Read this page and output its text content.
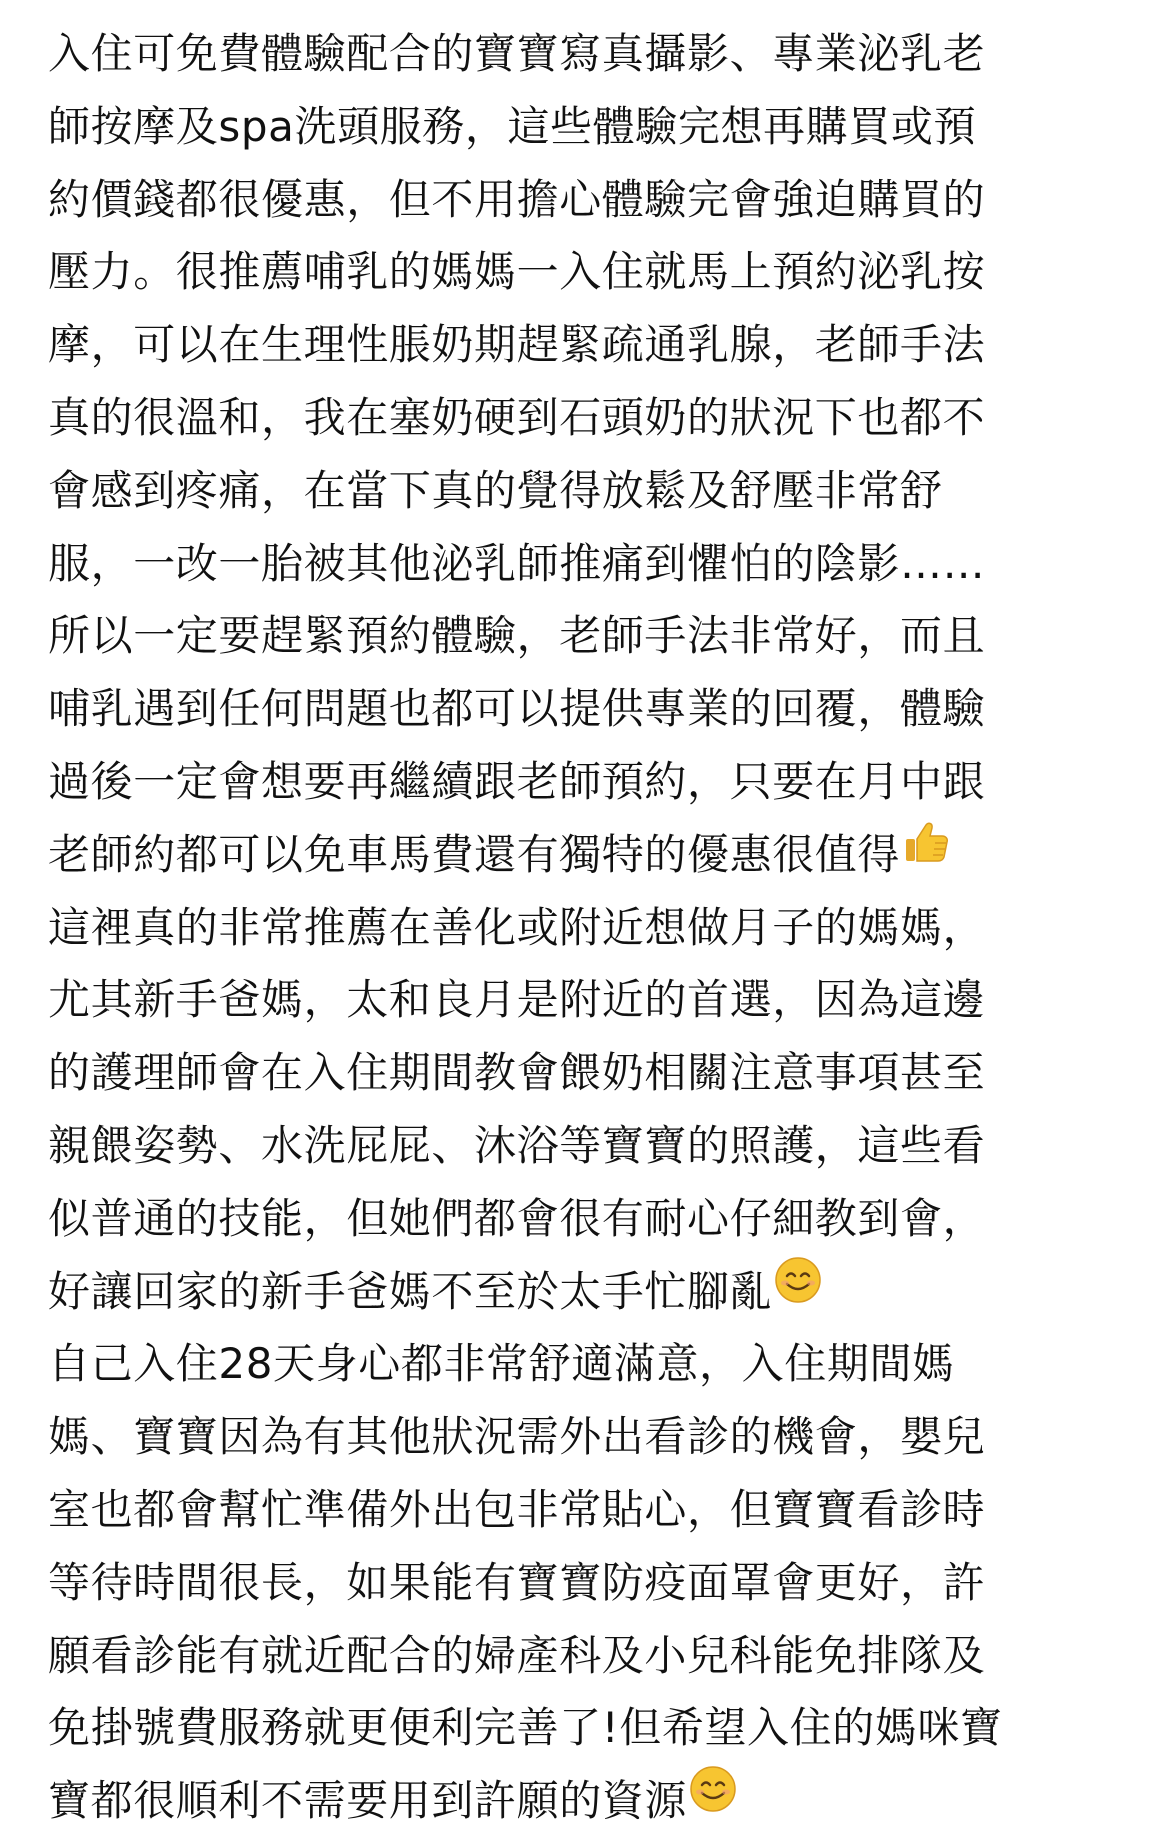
入住可免費體驗配合的寶寶寫真攝影、專業泌乳老
師按摩及spa洗頭服務，這些體驗完想再購買或預
約價錢都很優惠，但不用擔心體驗完會強迫購買的
壓力。很推薦哺乳的媽媽一入住就馬上預約泌乳按
摩，可以在生理性脹奶期趕緊疏通乳腺，老師手法
真的很溫和，我在塞奶硬到石頭奶的狀況下也都不
會感到疼痛，在當下真的覺得放鬆及舒壓非常舒
服，一改一胎被其他泌乳師推痛到懼怕的陰影……
所以一定要趕緊預約體驗，老師手法非常好，而且
哺乳遇到任何問題也都可以提供專業的回覆，體驗
過後一定會想要再繼續跟老師預約，只要在月中跟
老師約都可以免車馬費還有獨特的優惠很值得
這裡真的非常推薦在善化或附近想做月子的媽媽，
尤其新手爸媽，太和良月是附近的首選，因為這邊
的護理師會在入住期間教會餵奶相關注意事項甚至
親餵姿勢、水洗屁屁、沐浴等寶寶的照護，這些看
似普通的技能，但她們都會很有耐心仔細教到會，
好讓回家的新手爸媽不至於太手忙腳亂
自己入住28天身心都非常舒適滿意，入住期間媽
媽、寶寶因為有其他狀況需外出看診的機會，嬰兒
室也都會幫忙準備外出包非常貼心，但寶寶看診時
等待時間很長，如果能有寶寶防疫面罩會更好，許
願看診能有就近配合的婦產科及小兒科能免排隊及
免掛號費服務就更便利完善了!但希望入住的媽咪寶
寶都很順利不需要用到許願的資源
